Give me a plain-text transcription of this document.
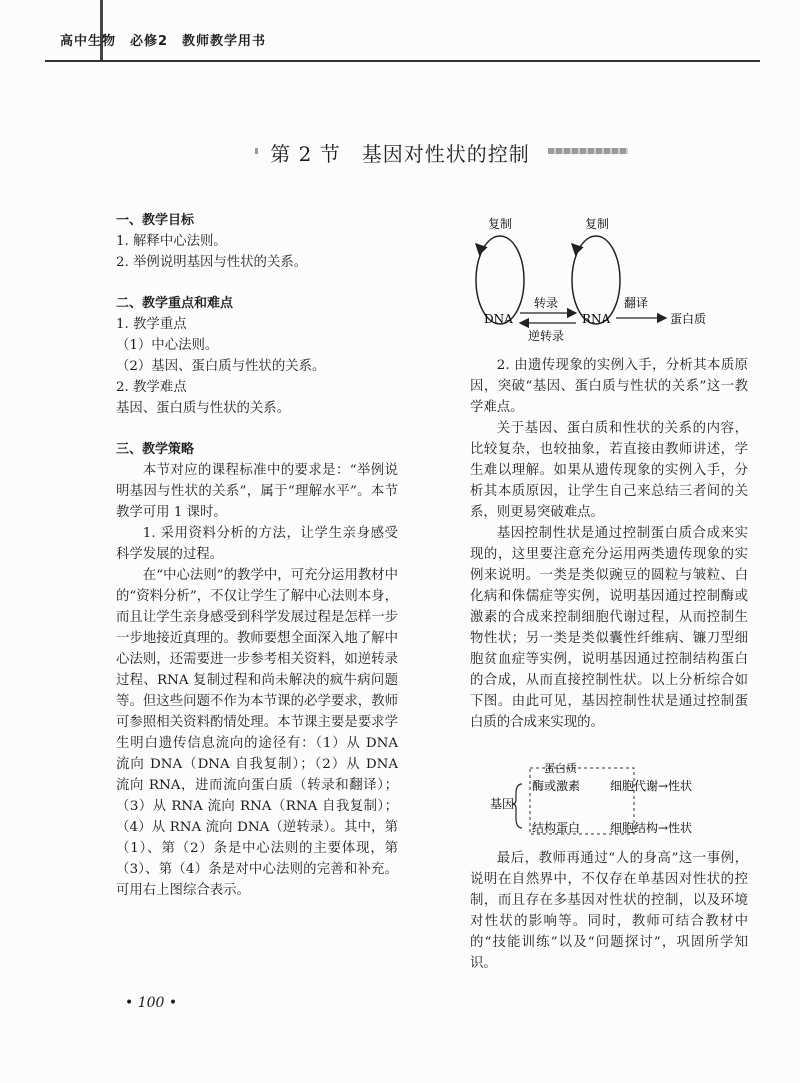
高中生物　必修2　教师教学用书
第 2 节　基因对性状的控制

一、教学目标

1. 解释中心法则。

2. 举例说明基因与性状的关系。

二、教学重点和难点

1. 教学重点

（1）中心法则。

（2）基因、蛋白质与性状的关系。

2. 教学难点

基因、蛋白质与性状的关系。

三、教学策略

本节对应的课程标准中的要求是：“举例说明基因与性状的关系”，属于“理解水平”。本节教学可用 1 课时。

1. 采用资料分析的方法，让学生亲身感受科学发展的过程。

在“中心法则”的教学中，可充分运用教材中的“资料分析”，不仅让学生了解中心法则本身，而且让学生亲身感受到科学发展过程是怎样一步一步地接近真理的。教师要想全面深入地了解中心法则，还需要进一步参考相关资料，如逆转录过程、RNA 复制过程和尚未解决的疯牛病问题等。但这些问题不作为本节课的必学要求，教师可参照相关资料酌情处理。本节课主要是要求学生明白遗传信息流向的途径有：（1）从 DNA 流向 DNA（DNA 自我复制）；（2）从 DNA 流向 RNA，进而流向蛋白质（转录和翻译）；（3）从 RNA 流向 RNA（RNA 自我复制）；（4）从 RNA 流向 DNA（逆转录）。其中，第（1）、第（2）条是中心法则的主要体现，第（3）、第（4）条是对中心法则的完善和补充。可用右上图综合表示。

复制	复制
DNA	RNA	蛋白质
转录
逆转录
翻译

2. 由遗传现象的实例入手，分析其本质原因，突破“基因、蛋白质与性状的关系”这一教学难点。

关于基因、蛋白质和性状的关系的内容，比较复杂，也较抽象，若直接由教师讲述，学生难以理解。如果从遗传现象的实例入手，分析其本质原因，让学生自己来总结三者间的关系，则更易突破难点。

基因控制性状是通过控制蛋白质合成来实现的，这里要注意充分运用两类遗传现象的实例来说明。一类是类似豌豆的圆粒与皱粒、白化病和侏儒症等实例，说明基因通过控制酶或激素的合成来控制细胞代谢过程，从而控制生物性状；另一类是类似囊性纤维病、镰刀型细胞贫血症等实例，说明基因通过控制结构蛋白的合成，从而直接控制性状。以上分析综合如下图。由此可见，基因控制性状是通过控制蛋白质的合成来实现的。

蛋白质
基因
酶或激素 细胞代谢→性状
结构蛋白 细胞结构→性状

最后，教师再通过“人的身高”这一事例，说明在自然界中，不仅存在单基因对性状的控制，而且存在多基因对性状的控制，以及环境对性状的影响等。同时，教师可结合教材中的“技能训练”以及“问题探讨”，巩固所学知识。

• 100 •
